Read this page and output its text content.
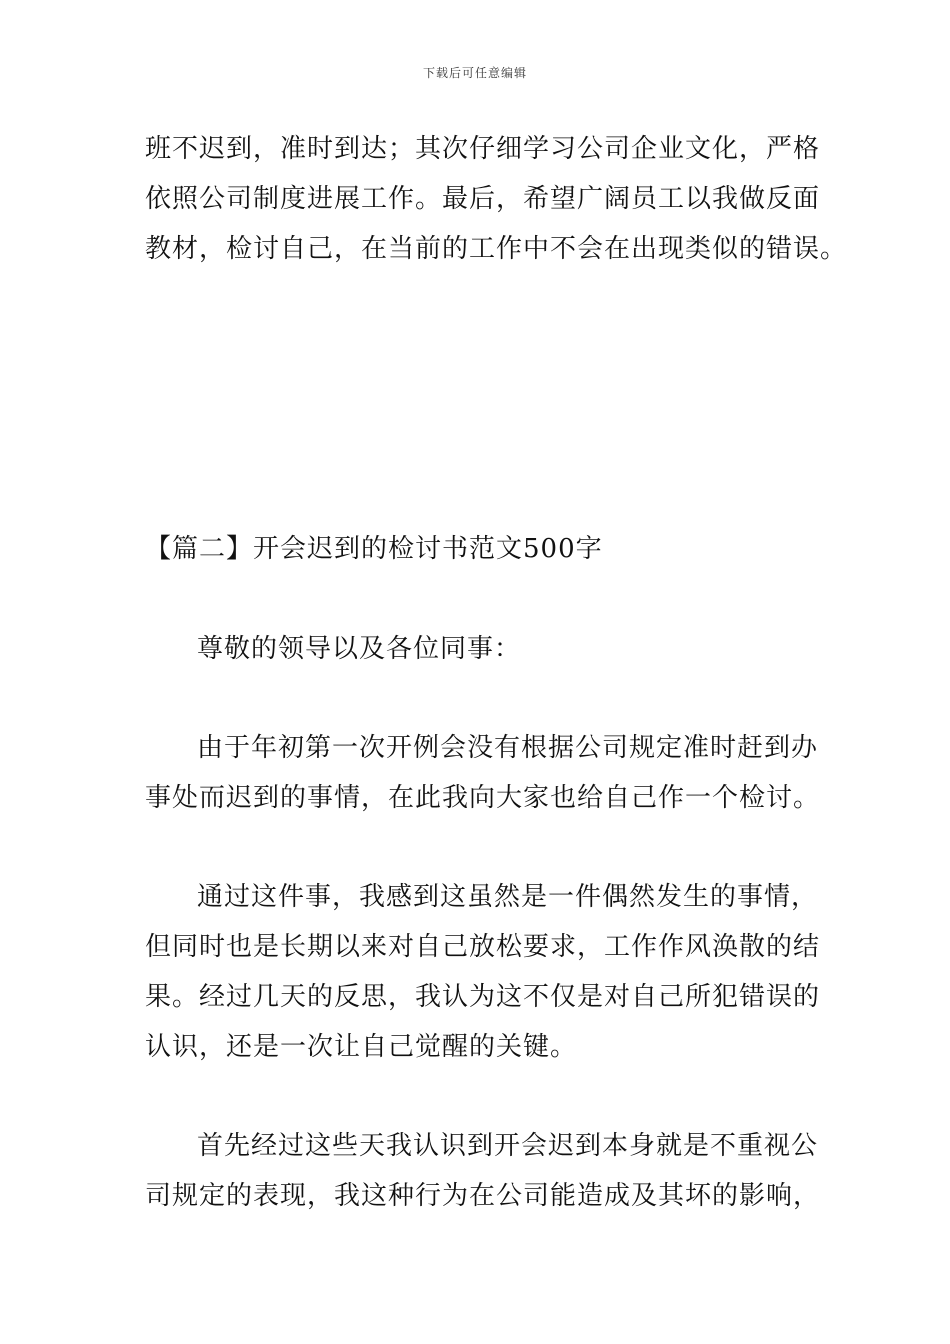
下载后可任意编辑
班不迟到，准时到达；其次仔细学习公司企业文化，严格
依照公司制度进展工作。最后，希望广阔员工以我做反面
教材，检讨自己，在当前的工作中不会在出现类似的错误。
【篇二】开会迟到的检讨书范文500字
尊敬的领导以及各位同事：
由于年初第一次开例会没有根据公司规定准时赶到办
事处而迟到的事情，在此我向大家也给自己作一个检讨。
通过这件事，我感到这虽然是一件偶然发生的事情，
但同时也是长期以来对自己放松要求，工作作风涣散的结
果。经过几天的反思，我认为这不仅是对自己所犯错误的
认识，还是一次让自己觉醒的关键。
首先经过这些天我认识到开会迟到本身就是不重视公
司规定的表现，我这种行为在公司能造成及其坏的影响，
